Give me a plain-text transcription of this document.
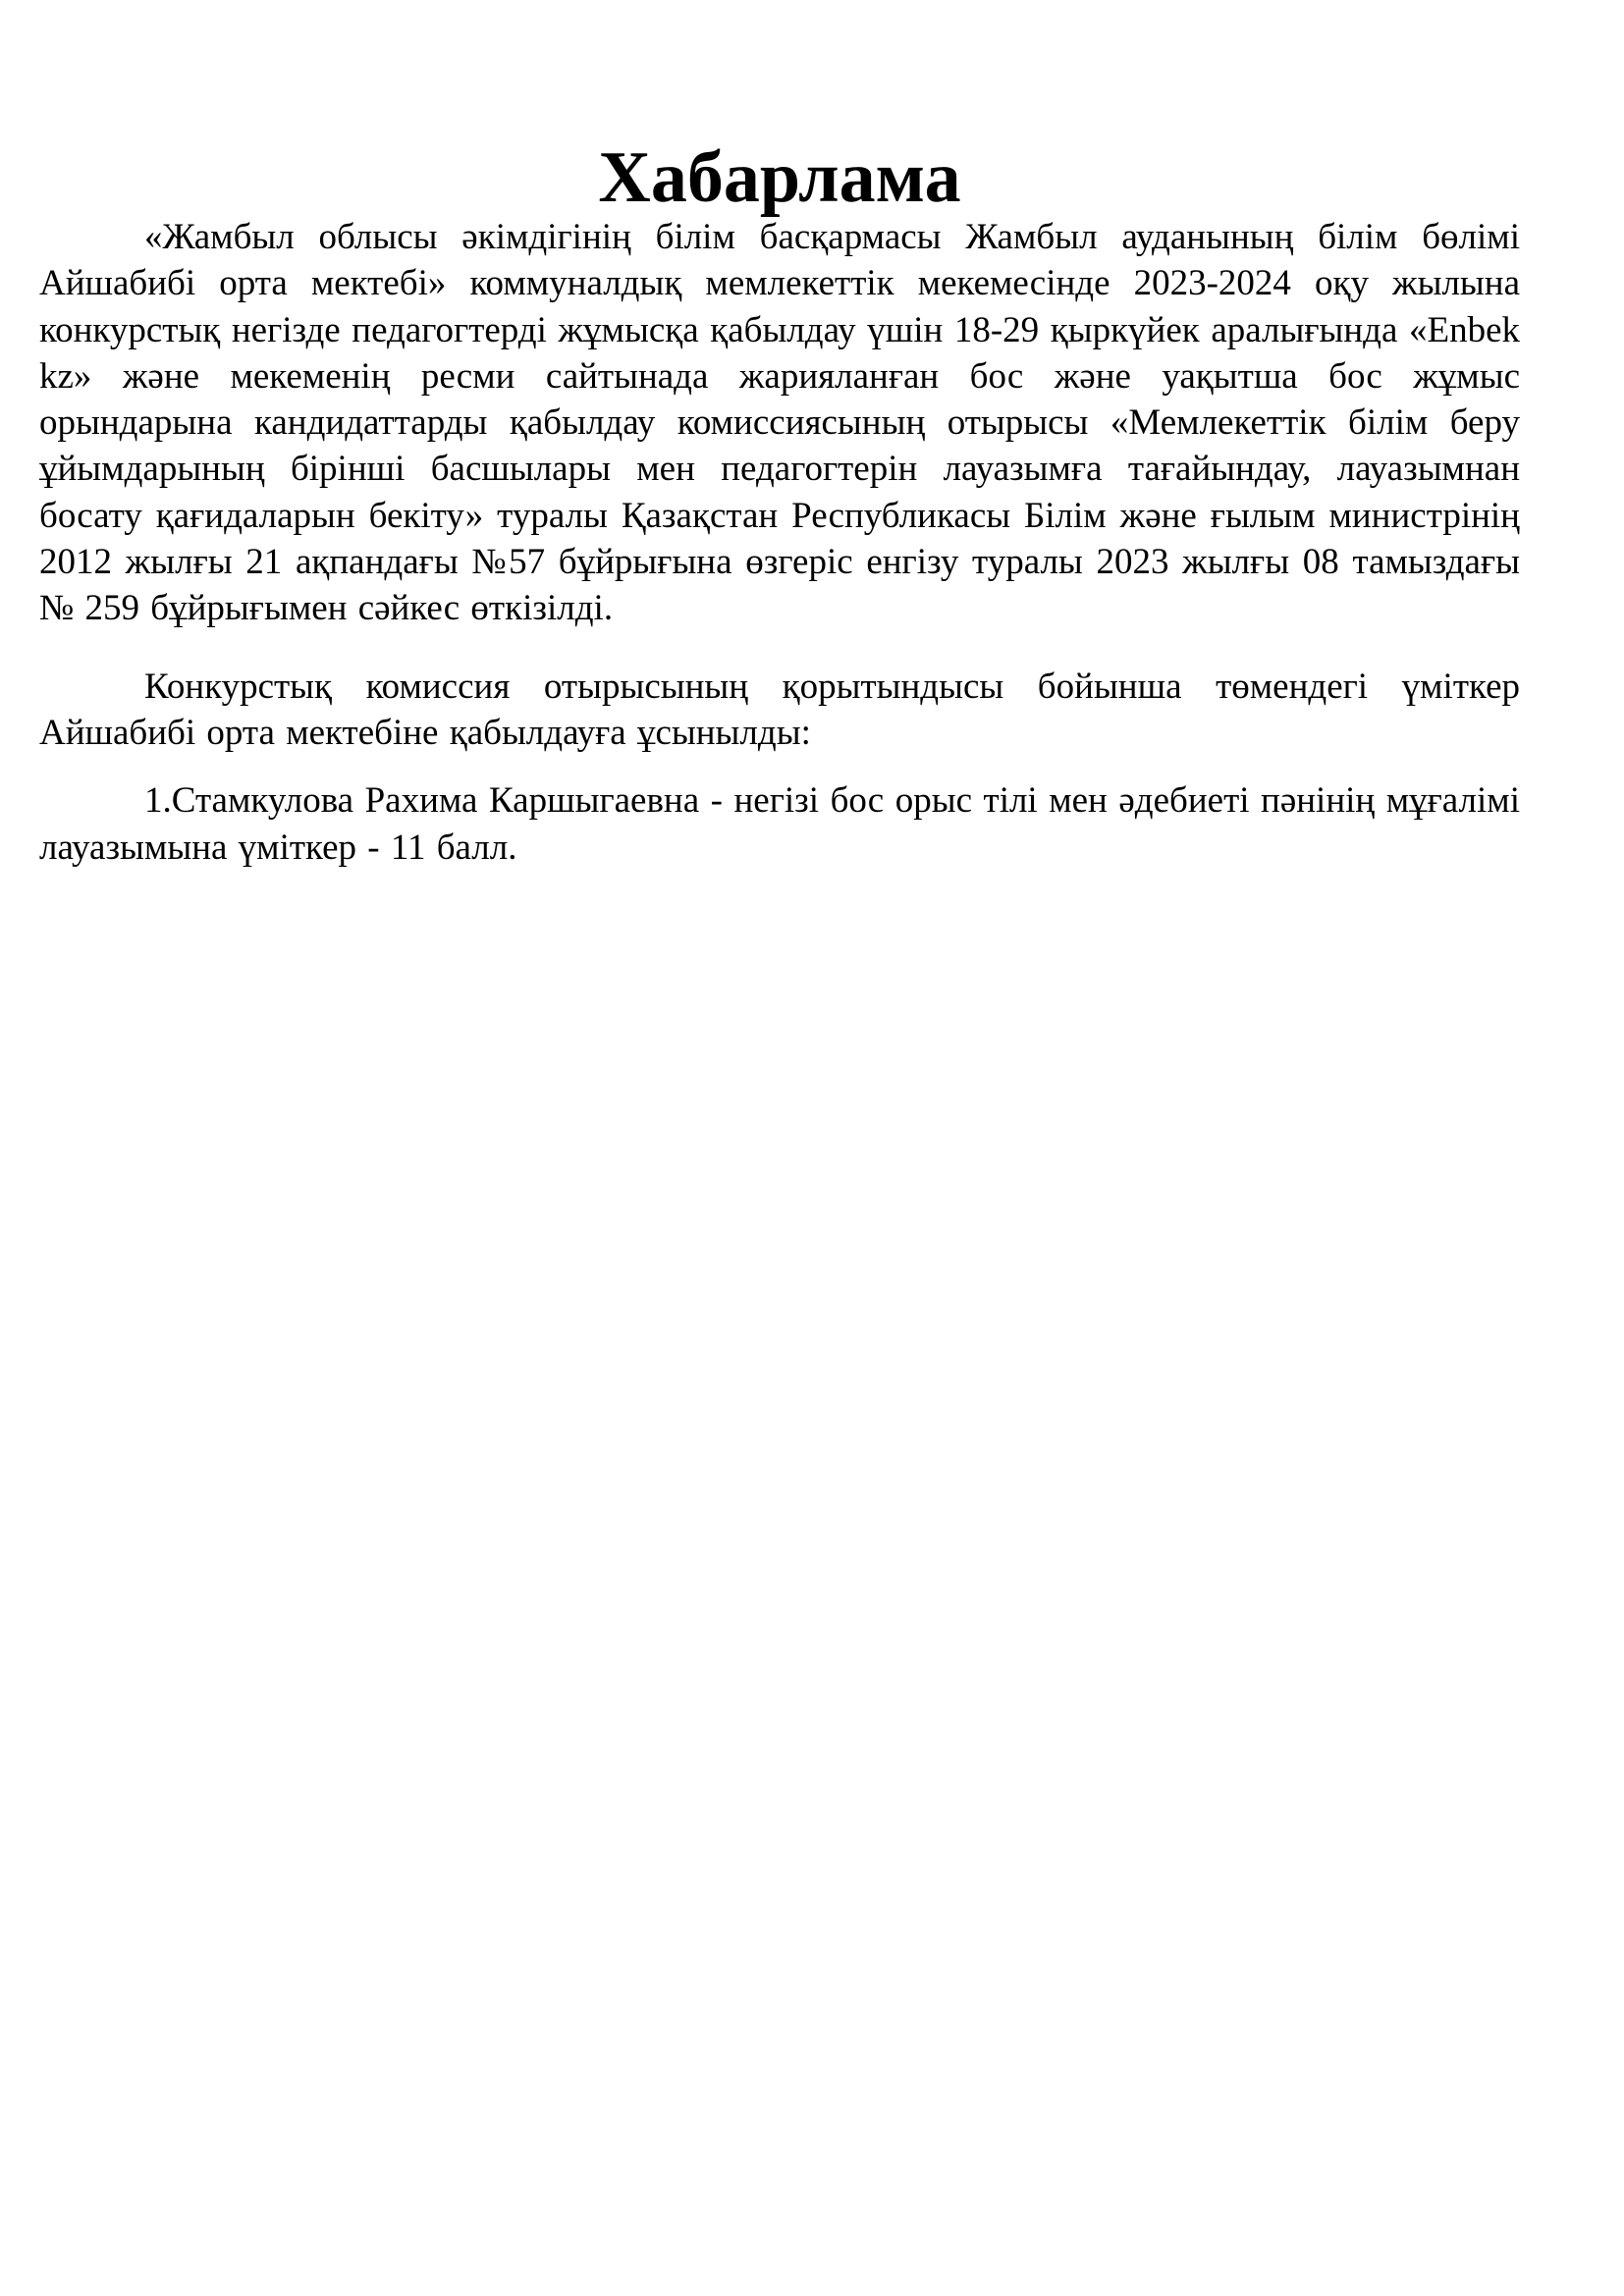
Хабарлама

«Жамбыл облысы әкімдігінің білім басқармасы Жамбыл ауданының білім бөлімі Айшабибі орта мектебі» коммуналдық мемлекеттік мекемесінде 2023-2024 оқу жылына конкурстық негізде педагогтерді жұмысқа қабылдау үшін 18-29 қыркүйек аралығында «Enbek kz» және мекеменің ресми сайтынада жарияланған бос және уақытша бос жұмыс орындарына кандидаттарды қабылдау комиссиясының отырысы «Мемлекеттік білім беру ұйымдарының бірінші басшылары мен педагогтерін лауазымға тағайындау, лауазымнан босату қағидаларын бекіту» туралы Қазақстан Республикасы Білім және ғылым министрінің 2012 жылғы 21 ақпандағы №57 бұйрығына өзгеріс енгізу туралы 2023 жылғы 08 тамыздағы № 259 бұйрығымен сәйкес өткізілді.

Конкурстық комиссия отырысының қорытындысы бойынша төмендегі үміткер Айшабибі орта мектебіне қабылдауға ұсынылды:

1.Стамкулова Рахима Каршыгаевна - негізі бос орыс тілі мен әдебиеті пәнінің мұғалімі лауазымына үміткер - 11 балл.
